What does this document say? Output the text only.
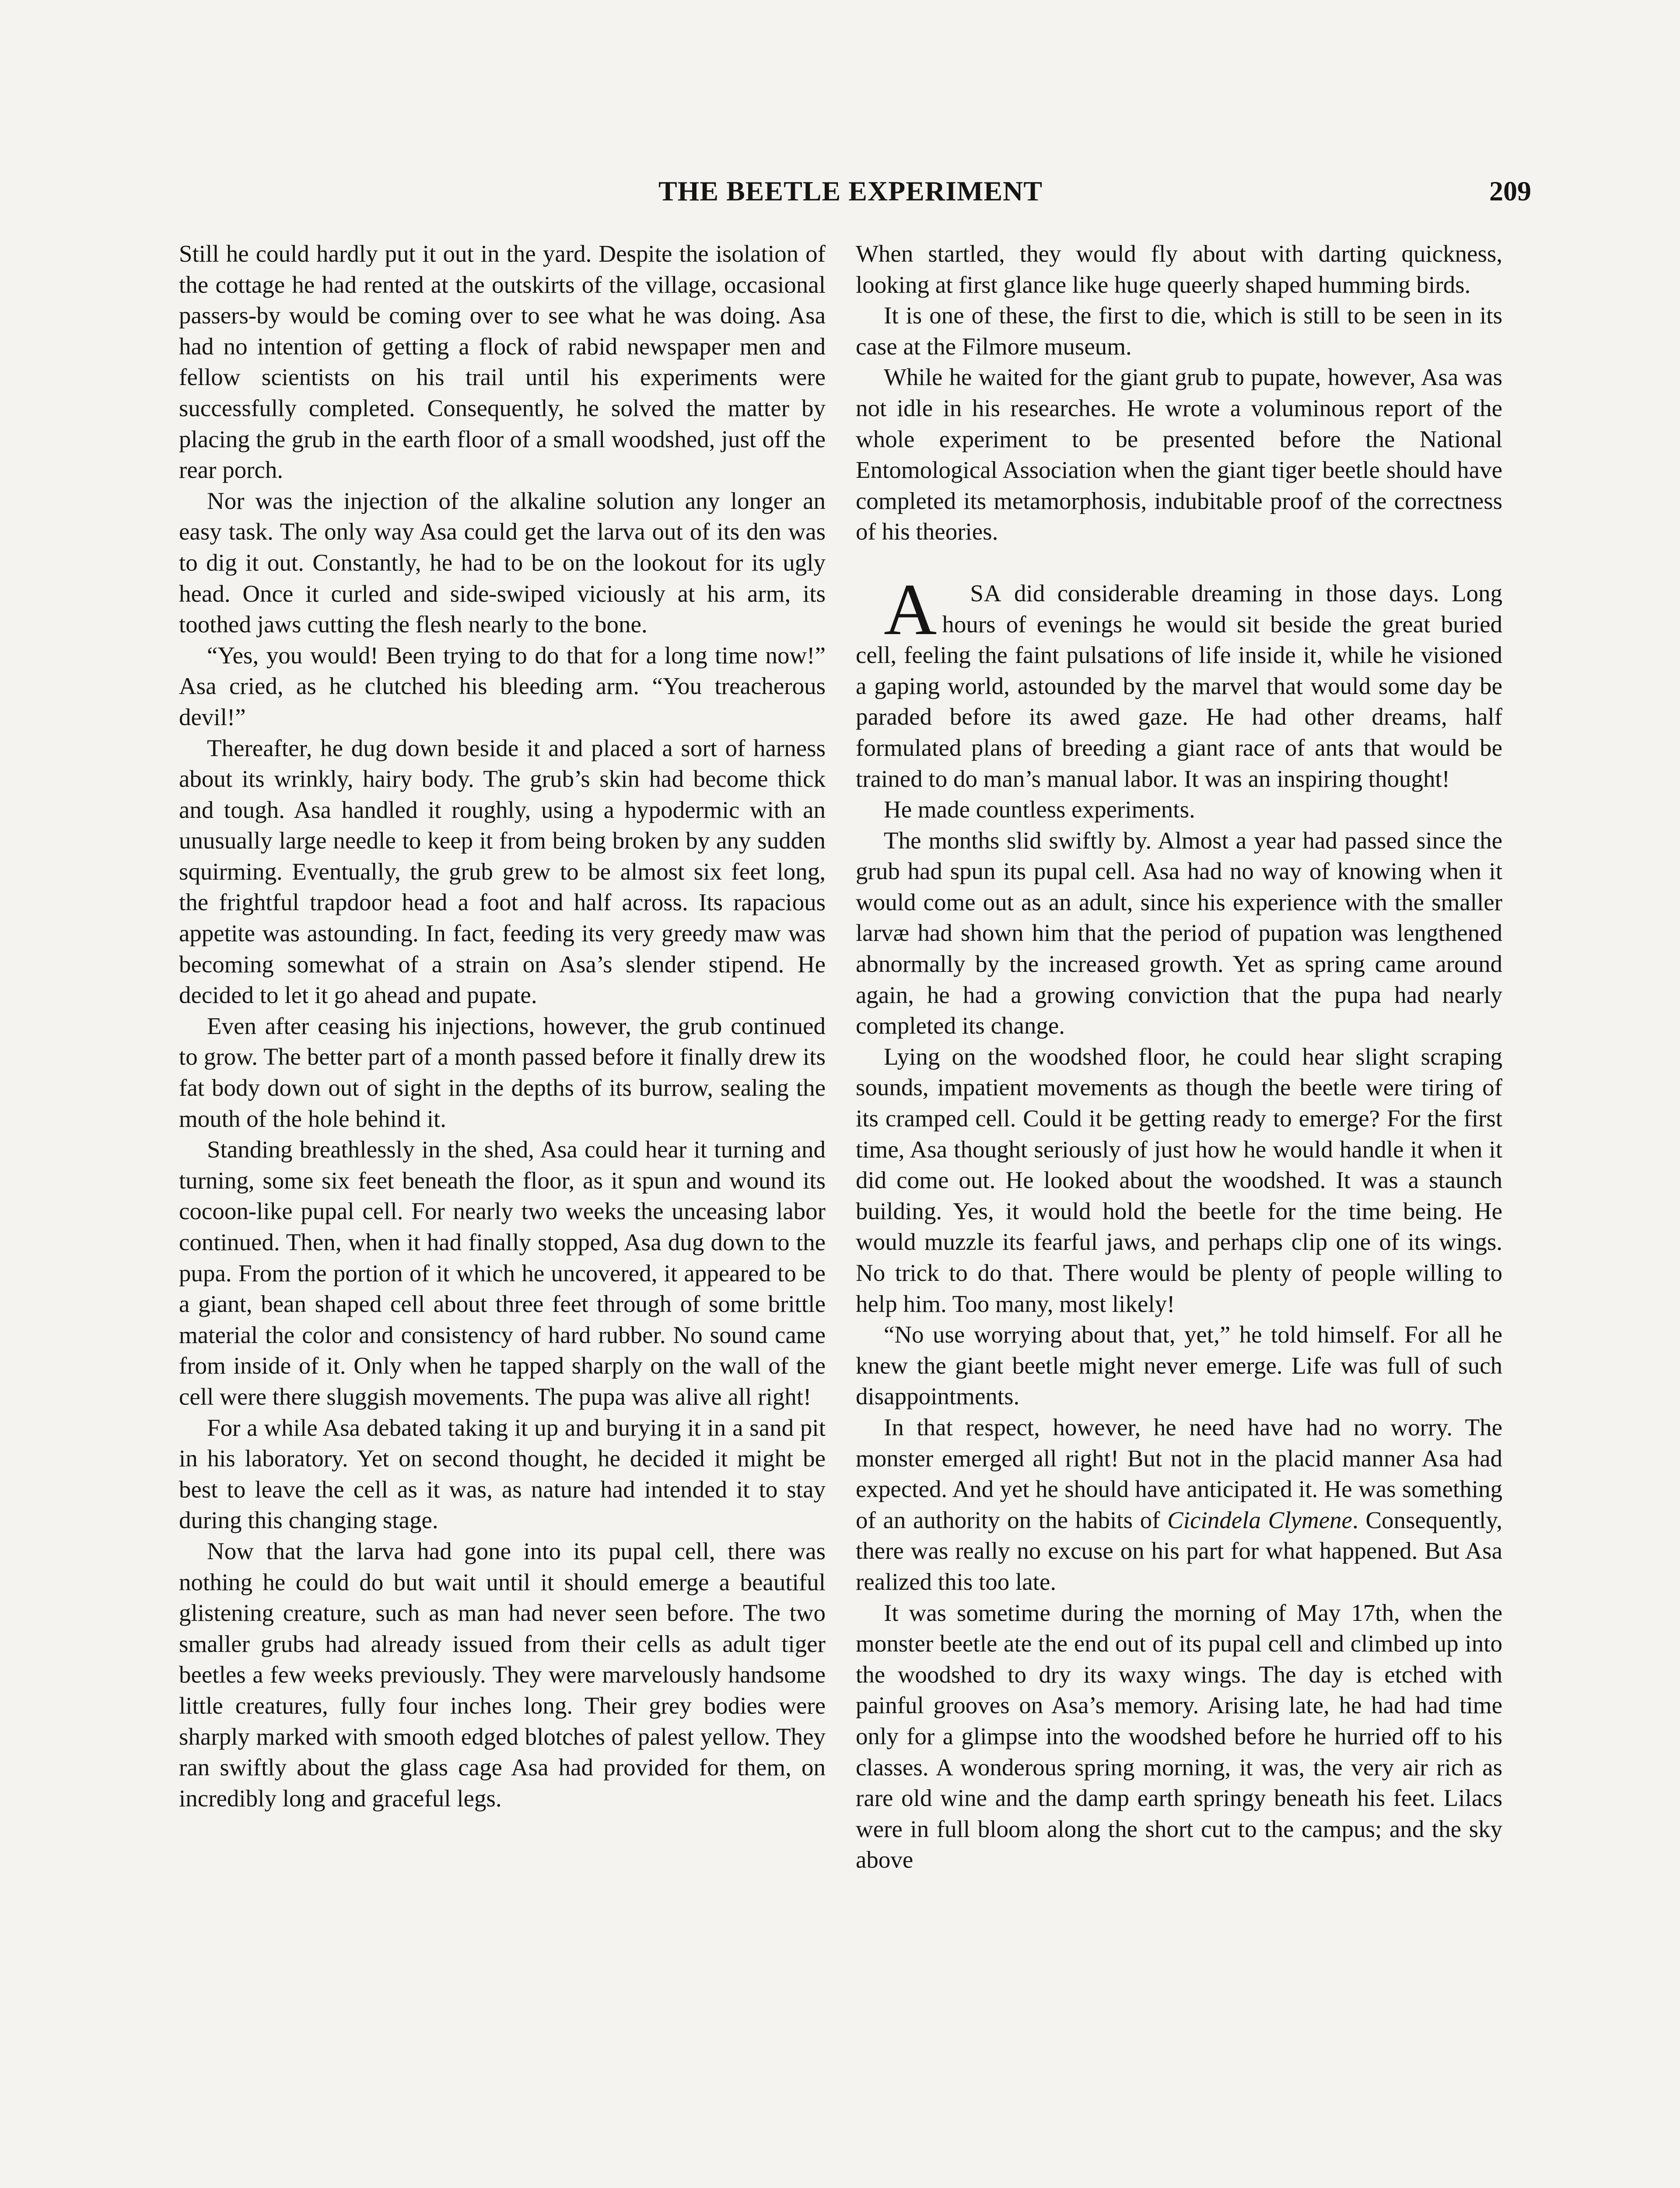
THE BEETLE EXPERIMENT	209

Still he could hardly put it out in the yard. Despite the isolation of the cottage he had rented at the outskirts of the village, occasional passers-by would be coming over to see what he was doing. Asa had no intention of getting a flock of rabid newspaper men and fellow scientists on his trail until his experiments were successfully completed. Consequently, he solved the matter by placing the grub in the earth floor of a small woodshed, just off the rear porch.

Nor was the injection of the alkaline solution any longer an easy task. The only way Asa could get the larva out of its den was to dig it out. Constantly, he had to be on the lookout for its ugly head. Once it curled and side-swiped viciously at his arm, its toothed jaws cutting the flesh nearly to the bone.

“Yes, you would! Been trying to do that for a long time now!” Asa cried, as he clutched his bleeding arm. “You treacherous devil!”

Thereafter, he dug down beside it and placed a sort of harness about its wrinkly, hairy body. The grub’s skin had become thick and tough. Asa handled it roughly, using a hypodermic with an unusually large needle to keep it from being broken by any sudden squirming. Eventually, the grub grew to be almost six feet long, the frightful trapdoor head a foot and half across. Its rapacious appetite was astounding. In fact, feeding its very greedy maw was becoming somewhat of a strain on Asa’s slender stipend. He decided to let it go ahead and pupate.

Even after ceasing his injections, however, the grub continued to grow. The better part of a month passed before it finally drew its fat body down out of sight in the depths of its burrow, sealing the mouth of the hole behind it.

Standing breathlessly in the shed, Asa could hear it turning and turning, some six feet beneath the floor, as it spun and wound its cocoon-like pupal cell. For nearly two weeks the unceasing labor continued. Then, when it had finally stopped, Asa dug down to the pupa. From the portion of it which he uncovered, it appeared to be a giant, bean shaped cell about three feet through of some brittle material the color and consistency of hard rubber. No sound came from inside of it. Only when he tapped sharply on the wall of the cell were there sluggish movements. The pupa was alive all right!

For a while Asa debated taking it up and burying it in a sand pit in his laboratory. Yet on second thought, he decided it might be best to leave the cell as it was, as nature had intended it to stay during this changing stage.

Now that the larva had gone into its pupal cell, there was nothing he could do but wait until it should emerge a beautiful glistening creature, such as man had never seen before. The two smaller grubs had already issued from their cells as adult tiger beetles a few weeks previously. They were marvelously handsome little creatures, fully four inches long. Their grey bodies were sharply marked with smooth edged blotches of palest yellow. They ran swiftly about the glass cage Asa had provided for them, on incredibly long and graceful legs.

When startled, they would fly about with darting quickness, looking at first glance like huge queerly shaped humming birds.

It is one of these, the first to die, which is still to be seen in its case at the Filmore museum.

While he waited for the giant grub to pupate, however, Asa was not idle in his researches. He wrote a voluminous report of the whole experiment to be presented before the National Entomological Association when the giant tiger beetle should have completed its metamorphosis, indubitable proof of the correctness of his theories.

A SA did considerable dreaming in those days. Long hours of evenings he would sit beside the great buried cell, feeling the faint pulsations of life inside it, while he visioned a gaping world, astounded by the marvel that would some day be paraded before its awed gaze. He had other dreams, half formulated plans of breeding a giant race of ants that would be trained to do man’s manual labor. It was an inspiring thought!

He made countless experiments.

The months slid swiftly by. Almost a year had passed since the grub had spun its pupal cell. Asa had no way of knowing when it would come out as an adult, since his experience with the smaller larvæ had shown him that the period of pupation was lengthened abnormally by the increased growth. Yet as spring came around again, he had a growing conviction that the pupa had nearly completed its change.

Lying on the woodshed floor, he could hear slight scraping sounds, impatient movements as though the beetle were tiring of its cramped cell. Could it be getting ready to emerge? For the first time, Asa thought seriously of just how he would handle it when it did come out. He looked about the woodshed. It was a staunch building. Yes, it would hold the beetle for the time being. He would muzzle its fearful jaws, and perhaps clip one of its wings. No trick to do that. There would be plenty of people willing to help him. Too many, most likely!

“No use worrying about that, yet,” he told himself. For all he knew the giant beetle might never emerge. Life was full of such disappointments.

In that respect, however, he need have had no worry. The monster emerged all right! But not in the placid manner Asa had expected. And yet he should have anticipated it. He was something of an authority on the habits of Cicindela Clymene. Consequently, there was really no excuse on his part for what happened. But Asa realized this too late.

It was sometime during the morning of May 17th, when the monster beetle ate the end out of its pupal cell and climbed up into the woodshed to dry its waxy wings. The day is etched with painful grooves on Asa’s memory. Arising late, he had had time only for a glimpse into the woodshed before he hurried off to his classes. A wonderous spring morning, it was, the very air rich as rare old wine and the damp earth springy beneath his feet. Lilacs were in full bloom along the short cut to the campus; and the sky above
